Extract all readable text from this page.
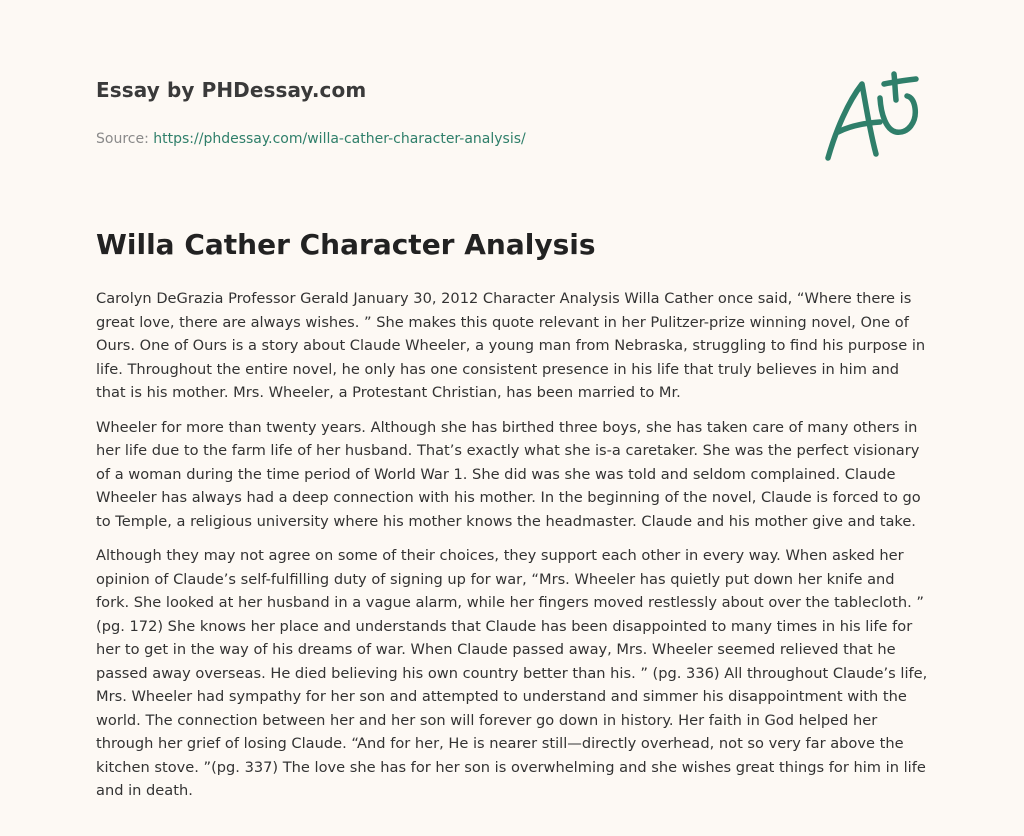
Essay by PHDessay.com
Source: https://phdessay.com/willa-cather-character-analysis/
Willa Cather Character Analysis

Carolyn DeGrazia Professor Gerald January 30, 2012 Character Analysis Willa Cather once said, “Where there is great love, there are always wishes. ” She makes this quote relevant in her Pulitzer-prize winning novel, One of Ours. One of Ours is a story about Claude Wheeler, a young man from Nebraska, struggling to find his purpose in life. Throughout the entire novel, he only has one consistent presence in his life that truly believes in him and that is his mother. Mrs. Wheeler, a Protestant Christian, has been married to Mr.

Wheeler for more than twenty years. Although she has birthed three boys, she has taken care of many others in her life due to the farm life of her husband. That’s exactly what she is-a caretaker. She was the perfect visionary of a woman during the time period of World War 1. She did was she was told and seldom complained. Claude Wheeler has always had a deep connection with his mother. In the beginning of the novel, Claude is forced to go to Temple, a religious university where his mother knows the headmaster. Claude and his mother give and take.

Although they may not agree on some of their choices, they support each other in every way. When asked her opinion of Claude’s self-fulfilling duty of signing up for war, “Mrs. Wheeler has quietly put down her knife and fork. She looked at her husband in a vague alarm, while her fingers moved restlessly about over the tablecloth. ” (pg. 172) She knows her place and understands that Claude has been disappointed to many times in his life for her to get in the way of his dreams of war. When Claude passed away, Mrs. Wheeler seemed relieved that he passed away overseas. He died believing his own country better than his. ” (pg. 336) All throughout Claude’s life, Mrs. Wheeler had sympathy for her son and attempted to understand and simmer his disappointment with the world. The connection between her and her son will forever go down in history. Her faith in God helped her through her grief of losing Claude. “And for her, He is nearer still—directly overhead, not so very far above the kitchen stove. ”(pg. 337) The love she has for her son is overwhelming and she wishes great things for him in life and in death.
